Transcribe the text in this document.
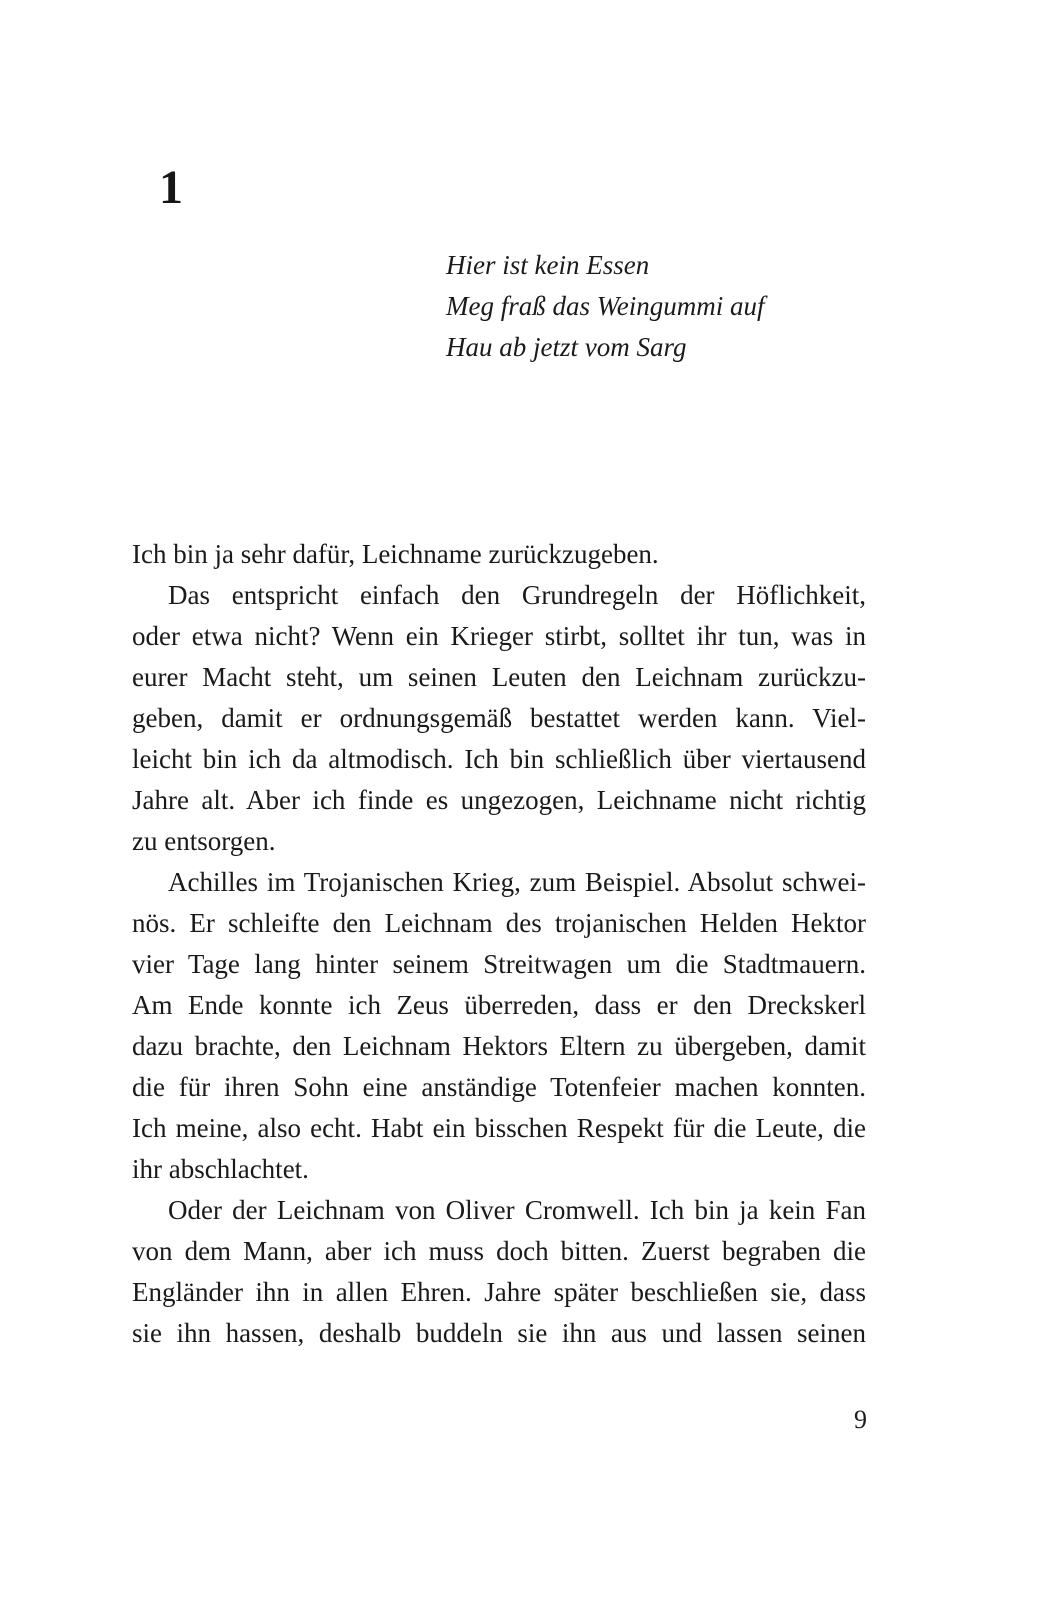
1
Hier ist kein Essen
Meg fraß das Weingummi auf
Hau ab jetzt vom Sarg
Ich bin ja sehr dafür, Leichname zurückzugeben.
Das entspricht einfach den Grundregeln der Höflichkeit,
oder etwa nicht? Wenn ein Krieger stirbt, solltet ihr tun, was in
eurer Macht steht, um seinen Leuten den Leichnam zurückzu-
geben, damit er ordnungsgemäß bestattet werden kann. Viel-
leicht bin ich da altmodisch. Ich bin schließlich über viertausend
Jahre alt. Aber ich finde es ungezogen, Leichname nicht richtig
zu entsorgen.
Achilles im Trojanischen Krieg, zum Beispiel. Absolut schwei-
nös. Er schleifte den Leichnam des trojanischen Helden Hektor
vier Tage lang hinter seinem Streitwagen um die Stadtmauern.
Am Ende konnte ich Zeus überreden, dass er den Dreckskerl
dazu brachte, den Leichnam Hektors Eltern zu übergeben, damit
die für ihren Sohn eine anständige Totenfeier machen konnten.
Ich meine, also echt. Habt ein bisschen Respekt für die Leute, die
ihr abschlachtet.
Oder der Leichnam von Oliver Cromwell. Ich bin ja kein Fan
von dem Mann, aber ich muss doch bitten. Zuerst begraben die
Engländer ihn in allen Ehren. Jahre später beschließen sie, dass
sie ihn hassen, deshalb buddeln sie ihn aus und lassen seinen
9
